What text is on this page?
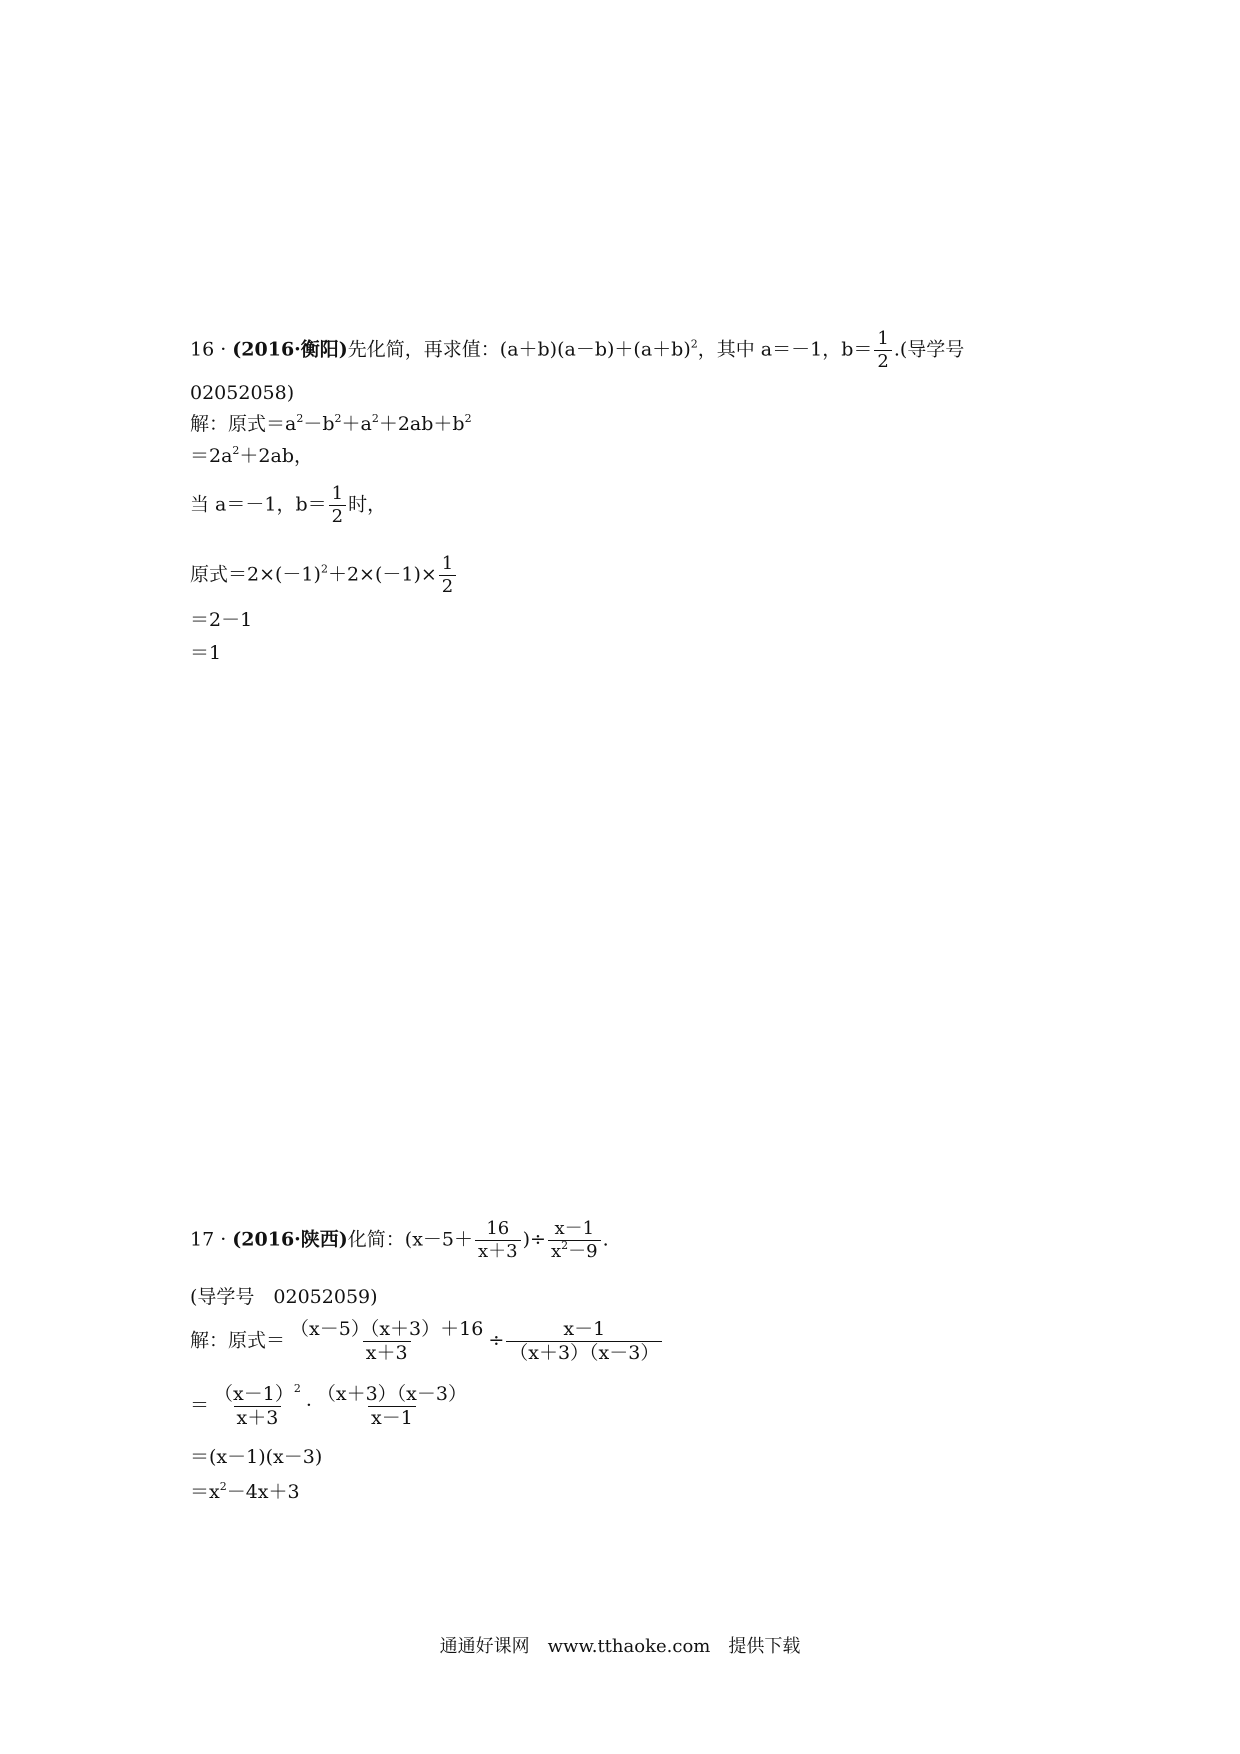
16 · (2016·衡阳)先化简，再求值：$(a+b)(a-b)+(a+b)^2$，其中 a＝－1，$b= \frac{1}{2}$ .(导学号
02052058)
解：原式$=a^2-b^2+a^2+2ab+b^2$
$=2a^2+2ab$，
当 a＝－1，$b= \frac{1}{2}$ 时，
原式$=2\times(-1)^2+2\times(-1)\times \frac{1}{2}$
＝2－1
＝1
17 · (2016·陕西)化简：($x-5+ \frac{16}{x+3}$ )÷ $\frac{x-1}{x^2-9}$ .
(导学号　02052059)
解：原式＝ $\frac{(x-5)(x+3)+16}{x+3} \div \frac{x-1}{(x+3)(x-3)}$
＝ $\frac{(x-1)^2}{x+3} \cdot \frac{(x+3)(x-3)}{x-1}$
＝(x－1)(x－3)
$=x^2-4x+3$
通通好课网　www.tthaoke.com　提供下载
